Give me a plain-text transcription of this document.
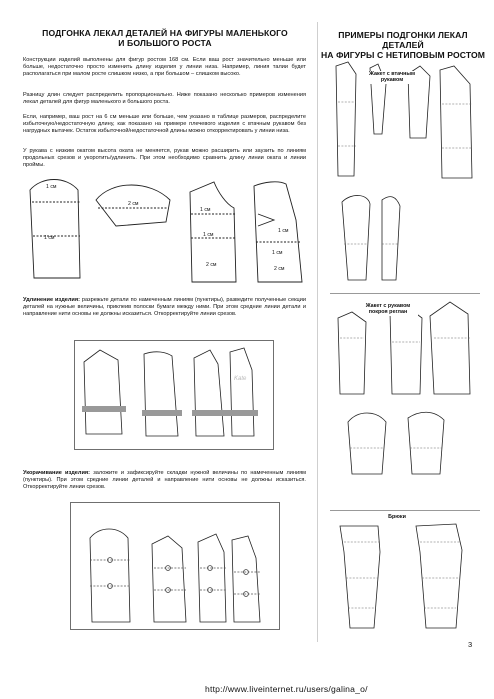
ПОДГОНКА ЛЕКАЛ ДЕТАЛЕЙ НА ФИГУРЫ МАЛЕНЬКОГО
И БОЛЬШОГО РОСТА
Конструкции изделий выполнены для фигур ростом 168 см. Если ваш рост значительно меньше или больше, недостаточно просто изменить длину изделия у линии низа. Например, линия талии будет располагаться при малом росте слишком низко, а при большом – слишком высоко.
Разницу длин следует распределить пропорционально. Ниже показано несколько примеров изменения лекал деталей для фигур маленького и большого роста.
Если, например, ваш рост на 6 см меньше или больше, чем указано в таблице размеров, распределите избыточную/недостаточную длину, как показано на примере плечевого изделия с втачным рукавом без нагрудных вытачек. Остаток избыточной/недостаточной длины можно откорректировать у линии низа.
У рукава с низким окатом высота оката не меняется, рукав можно расширить или заузить по линиям продольных срезов и укоротить/удлинить. При этом необходимо сравнить длину линии оката и линии проймы.
1 см
1 см
2 см
1 см
1 см
2 см
1 см
1 см
2 см
Удлинение изделия: разрежьте детали по намеченным линиям (пунктиры), разведите полученные секции деталей на нужные величины, приклеив полоски бумаги между ними. При этом средние линии детали и направление нити основы не должны исказиться. Откорректируйте линии срезов.
Kate
Укорачивание изделия: заложите и зафиксируйте складки нужной величины по намеченным линиям (пунктиры). При этом средние линии деталей и направление нити основы не должны исказиться. Откорректируйте линии срезов.
ПРИМЕРЫ ПОДГОНКИ ЛЕКАЛ ДЕТАЛЕЙ
НА ФИГУРЫ С НЕТИПОВЫМ РОСТОМ
Жакет с втачным
рукавом
Жакет с рукавом
покроя реглан
Брюки
3
http://www.liveinternet.ru/users/galina_o/
